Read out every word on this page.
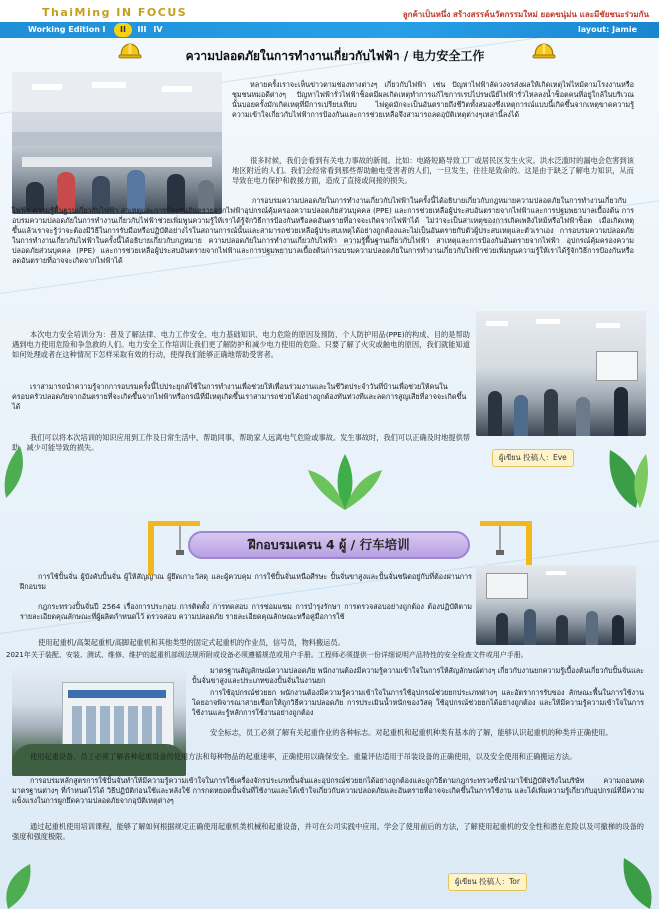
ThaiMing IN FOCUS	ลูกค้าเป็นหนึ่ง สร้างสรรค์นวัตกรรมใหม่ ยอดขนุ่ม่น และมีชัยชนะร่วมกัน
Working Edition I	II	III IV	layout: Jamie
ความปลอดภัยในการทำงานเกี่ยวกับไฟฟ้า / 电力安全工作

หลายครั้งเราจะเห็นข่าวตามช่องทางต่างๆ เกี่ยวกับไฟฟ้า เช่น ปัญหาไฟฟ้าลัดวงจรส่งผลให้เกิดเหตุไฟไหม้ตามโรงงานหรือชุมชนหมอดีต่างๆ ปัญหาไฟฟ้ารั่วไฟฟ้าช็อตมีผลเกิดเหตุทำการแก้ไขการเรปไปรษณีย์ไฟฟ้ารั่วไหลลงน้ำช็อตคนที่อยู่ใกล้ในบริเวณนั้นบอยครั้งมักเกิดเหตุที่มีการเปรียบเทียบ ไฟดูดมักจะเป็นอันตรายถึงชีวิตทั้งสมองซึ่งเหตุการณ์แบบนี้เกิดขึ้นจากเหตุขาดความรู้ความเข้าใจเกี่ยวกับไฟฟ้าการป้องกันและการช่วยเหลือจึงสามารถลดอุบัติเหตุต่างๆเหล่านี้ลงได้

很多时候，我们会看到有关电力事故的新闻。比如：电路短路导致工厂或居民区发生火灾。洪水泛滥时的漏电会危害到该地区附近的人们。我们会经常看到那些帮助触电受害者的人们，一旦发生，往往是致命的。这是由于缺乏了解电力知识，从而导致在电力保护和救援方面，造成了直接或间接的损失。

การอบรมความปลอดภัยในการทำงานเกี่ยวกับไฟฟ้าในครั้งนี้ได้อธิบายเกี่ยวกับกฎหมายความปลอดภัยในการทำงานเกี่ยวกับไฟฟ้า ความรู้พื้นฐานเกี่ยวกับไฟฟ้า สาเหตุและการป้องกันอันตรายจากไฟฟ้าอุปกรณ์คุ้มครองความปลอดภัยส่วนบุคคล (PPE) และการช่วยเหลือผู้ประสบอันตรายจากไฟฟ้าและการปฐมพยาบาลเบื้องต้น การอบรมความปลอดภัยในการทำงานเกี่ยวกับไฟฟ้าช่วยเพิ่มพูนความรู้ให้เราได้รู้จักวิธีการป้องกันหรือลดอันตรายที่อาจจะเกิดจากไฟฟ้าได้ ไม่ว่าจะเป็นสาเหตุของการเกิดเพลิงไหม้หรือไฟฟ้าช็อต เมื่อเกิดเหตุขึ้นแล้วเราจะรู้ว่าจะต้องมีวิธีในการรับมือหรือปฏิบัติอย่างไรในสถานการณ์นั้นและสามารถช่วยเหลือผู้ประสบเหตุได้อย่างถูกต้องและไม่เป็นอันตรายกับตัวผู้ประสบเหตุและตัวเราเอง การอบรมความปลอดภัยในการทำงานเกี่ยวกับไฟฟ้าในครั้งนี้ได้อธิบายเกี่ยวกับกฎหมาย ความปลอดภัยในการทำงานเกี่ยวกับไฟฟ้า ความรู้พื้นฐานเกี่ยวกับไฟฟ้า สาเหตุและการป้องกันอันตรายจากไฟฟ้า อุปกรณ์คุ้มครองความปลอดภัยส่วนบุคคล (PPE) และการช่วยเหลือผู้ประสบอันตรายจากไฟฟ้าและการปฐมพยาบาลเบื้องต้นการอบรมความปลอดภัยในการทำงานเกี่ยวกับไฟฟ้าช่วยเพิ่มพูนความรู้ให้เราได้รู้จักวิธีการป้องกันหรือลดอันตรายที่อาจจะเกิดจากไฟฟ้าได้

本次电力安全培训分为：普及了解法律、电力工作安全、电力基础知识、电力危险的原因及预防、个人防护用品(PPE)的构成、目的是帮助遇到电力使用危险和争急救的人们。电力安全工作培训让我们更了解防护和减少电力使用的危险。只要了解了火灾或触电的原因，我们就能知道如何处理或者在这种情况下怎样采取有效的行动，使得我们能够正确地帮助受害者。

เราสามารถนำความรู้จากการอบรมครั้งนี้ไปประยุกต์ใช้ในการทำงานเพื่อช่วยให้เพื่อนร่วมงานและในชีวิตประจำวันที่บ้านเพื่อช่วยให้คนในครอบครัวปลอดภัยจากอันตรายที่จะเกิดขึ้นจากไฟฟ้าหรือกรณีที่มีเหตุเกิดขึ้นเราสามารถช่วยได้อย่างถูกต้องทันท่วงทีและลดการสูญเสียที่อาจจะเกิดขึ้นได้

我们可以将本次培训的知识应用到工作及日常生活中，帮助同事，帮助家人远离电气危险或事故。发生事故时，我们可以正确及时地提供帮助，减少可能导致的损失。

ผู้เขียน 投稿人：Eve
ฝึกอบรมเครน 4 ผู้ / 行车培训

การใช้ปั้นจั่น ผู้บังคับปั้นจั่น ผู้ให้สัญญาณ ผู้ยึดเกาะวัสดุ และผู้ควบคุม การใช้ปั้นจั่นเหนือศีรษะ ปั้นจั่นขาสูงและปั้นจั่นชนิดอยู่กับที่ต้องผ่านการฝึกอบรม

กฎกระทรวงปั้นจั่นปี 2564 เรื่องการประกอบ การติดตั้ง การทดสอบ การซ่อมแซม การบำรุงรักษา การตรวจสอบอย่างถูกต้อง ต้องปฏิบัติตามรายละเอียดคุณลักษณะที่ผู้ผลิตกำหนดไว้ ตรวจสอบ ความปลอดภัย รายละเอียดคุณลักษณะหรือคู่มือการใช้

使用起重机/高架起重机/高脚起重机和其他类型的固定式起重机的作业员，信号员，物料搬运员。

2021年关于装配、安装、测试、维修、维护的起重机部级法规所附或设备必须遵循规范或用户手册。工程师必须提供一份详细说明产品特性的安全检查文件或用户手册。

มาตรฐานสัญลักษณ์ความปลอดภัย พนักงานต้องมีความรู้ความเข้าใจในการให้สัญลักษณ์ต่างๆ เกี่ยวกับงานยกความรู้เบื้องต้นเกี่ยวกับปั้นจั่นและปั้นจั่นขาสูงและประเภทของปั้นจั่นในงานยก

การใช้อุปกรณ์ช่วยยก พนักงานต้องมีความรู้ความเข้าใจในการใช้อุปกรณ์ช่วยยกประเภทต่างๆ และอัตราการรับของ ลักษณะพื้นในการใช้งานโดยอาจพิจารณาสายเชือกให้ถูกวิธีความปลอดภัย การประเมินน้ำหนักของวัสดุ ใช้อุปกรณ์ช่วยยกได้อย่างถูกต้อง และให้มีความรู้ความเข้าใจในการใช้งานและรู้หลักการใช้งานอย่างถูกต้อง

安全标志，员工必须了解有关起重作业的各种标志。对起重机和起重机种类有基本的了解，能够认识起重机的种类并正确使用。

使用起重设备，员工必须了解各种起重设备的使用方法和每种物品的起重速率，正确使用以确保安全。重量评估适用于吊装设备的正确使用，以及安全使用和正确搬运方法。

การอบรมหลักสูตรการใช้ปั้นจั่นทำให้มีความรู้ความเข้าใจในการใช้เครื่องจักรประเภทปั้นจั่นและอุปกรณ์ช่วยยกได้อย่างถูกต้องและถูกวิธีตามกฎกระทรวงซึ่งนำมาใช้ปฏิบัติจริงในบริษัท ความถอนทดมาตรฐานต่างๆ ที่กำหนดไว้ได้ วิธีปฏิบัติก่อนใช้และหลังใช้ การกดหยอดปั้นจั่นที่ใช้งานและได้เข้าใจเกี่ยวกับความปลอดภัยและอันตรายที่อาจจะเกิดขึ้นในการใช้งาน และได้เพิ่มความรู้เกี่ยวกับอุปกรณ์ที่มีความแข็งแรงในการผูกยึดความปลอดภัยจากอุบัติเหตุต่างๆ

通过起重机使用培训课程，能够了解如何根据规定正确使用起重机类机械和起重设备，并可在公司实践中应用。学会了使用前后的方法，了解使用起重机的安全性和潜在危险以及可撤梯的设备的强度和强度极限。

ผู้เขียน 投稿人：Tor
